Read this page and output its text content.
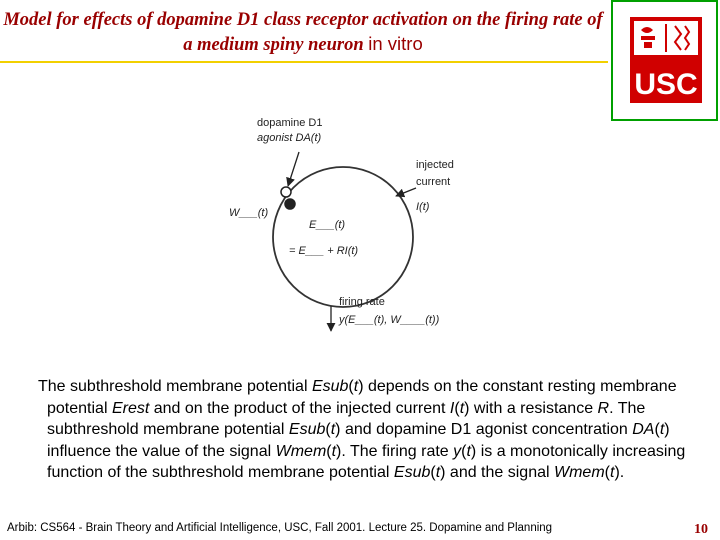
Model for effects of dopamine D1 class receptor activation on the firing rate of a medium spiny neuron in vitro
USC
dopamine D1
agonist DA(t)
injected
current
I(t)
W___(t)
E___(t)
= E___ + RI(t)
firing rate
y(E___(t), W____(t))

The subthreshold membrane potential Esub(t) depends on the constant resting membrane potential Erest and on the product of the injected current I(t) with a resistance R. The subthreshold membrane potential Esub(t) and dopamine D1 agonist concentration DA(t) influence the value of the signal Wmem(t). The firing rate y(t) is a monotonically increasing function of the subthreshold membrane potential Esub(t) and the signal Wmem(t).

Arbib: CS564 - Brain Theory and Artificial Intelligence, USC, Fall 2001. Lecture 25. Dopamine and Planning	10
